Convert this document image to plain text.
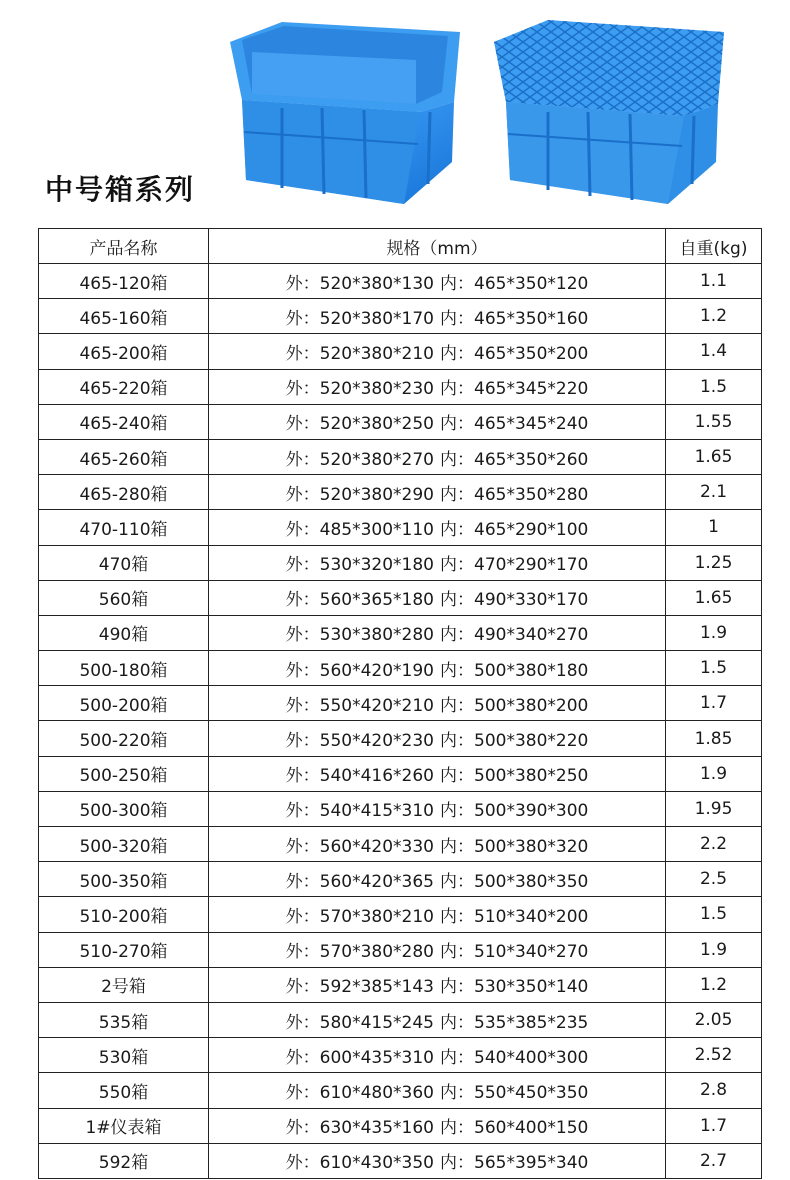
中号箱系列
产品名称	规格（mm）	自重(kg)
465-120箱	外：520*380*130 内：465*350*120	1.1
465-160箱	外：520*380*170 内：465*350*160	1.2
465-200箱	外：520*380*210 内：465*350*200	1.4
465-220箱	外：520*380*230 内：465*345*220	1.5
465-240箱	外：520*380*250 内：465*345*240	1.55
465-260箱	外：520*380*270 内：465*350*260	1.65
465-280箱	外：520*380*290 内：465*350*280	2.1
470-110箱	外：485*300*110 内：465*290*100	1
470箱	外：530*320*180 内：470*290*170	1.25
560箱	外：560*365*180 内：490*330*170	1.65
490箱	外：530*380*280 内：490*340*270	1.9
500-180箱	外：560*420*190 内：500*380*180	1.5
500-200箱	外：550*420*210 内：500*380*200	1.7
500-220箱	外：550*420*230 内：500*380*220	1.85
500-250箱	外：540*416*260 内：500*380*250	1.9
500-300箱	外：540*415*310 内：500*390*300	1.95
500-320箱	外：560*420*330 内：500*380*320	2.2
500-350箱	外：560*420*365 内：500*380*350	2.5
510-200箱	外：570*380*210 内：510*340*200	1.5
510-270箱	外：570*380*280 内：510*340*270	1.9
2号箱	外：592*385*143 内：530*350*140	1.2
535箱	外：580*415*245 内：535*385*235	2.05
530箱	外：600*435*310 内：540*400*300	2.52
550箱	外：610*480*360 内：550*450*350	2.8
1#仪表箱	外：630*435*160 内：560*400*150	1.7
592箱	外：610*430*350 内：565*395*340	2.7
